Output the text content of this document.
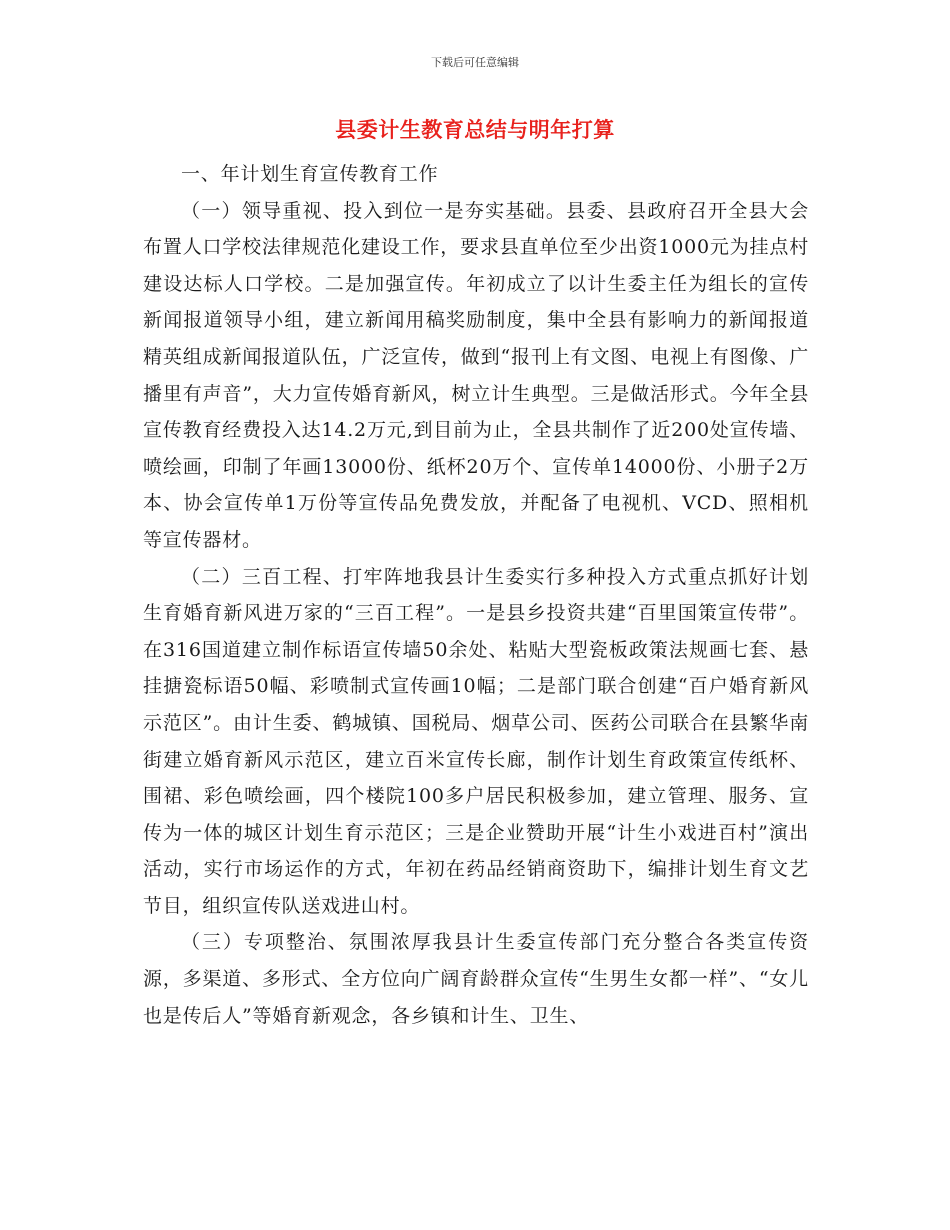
下载后可任意编辑
县委计生教育总结与明年打算

一、年计划生育宣传教育工作

（一）领导重视、投入到位一是夯实基础。县委、县政府召开全县大会布置人口学校法律规范化建设工作，要求县直单位至少出资1000元为挂点村建设达标人口学校。二是加强宣传。年初成立了以计生委主任为组长的宣传新闻报道领导小组，建立新闻用稿奖励制度，集中全县有影响力的新闻报道精英组成新闻报道队伍，广泛宣传，做到“报刊上有文图、电视上有图像、广播里有声音”，大力宣传婚育新风，树立计生典型。三是做活形式。今年全县宣传教育经费投入达14.2万元,到目前为止，全县共制作了近200处宣传墙、喷绘画，印制了年画13000份、纸杯20万个、宣传单14000份、小册子2万本、协会宣传单1万份等宣传品免费发放，并配备了电视机、VCD、照相机等宣传器材。

（二）三百工程、打牢阵地我县计生委实行多种投入方式重点抓好计划生育婚育新风进万家的“三百工程”。一是县乡投资共建“百里国策宣传带”。在316国道建立制作标语宣传墙50余处、粘贴大型瓷板政策法规画七套、悬挂搪瓷标语50幅、彩喷制式宣传画10幅；二是部门联合创建“百户婚育新风示范区”。由计生委、鹤城镇、国税局、烟草公司、医药公司联合在县繁华南街建立婚育新风示范区，建立百米宣传长廊，制作计划生育政策宣传纸杯、围裙、彩色喷绘画，四个楼院100多户居民积极参加，建立管理、服务、宣传为一体的城区计划生育示范区；三是企业赞助开展“计生小戏进百村”演出活动，实行市场运作的方式，年初在药品经销商资助下，编排计划生育文艺节目，组织宣传队送戏进山村。

（三）专项整治、氛围浓厚我县计生委宣传部门充分整合各类宣传资源，多渠道、多形式、全方位向广阔育龄群众宣传“生男生女都一样”、“女儿也是传后人”等婚育新观念，各乡镇和计生、卫生、
